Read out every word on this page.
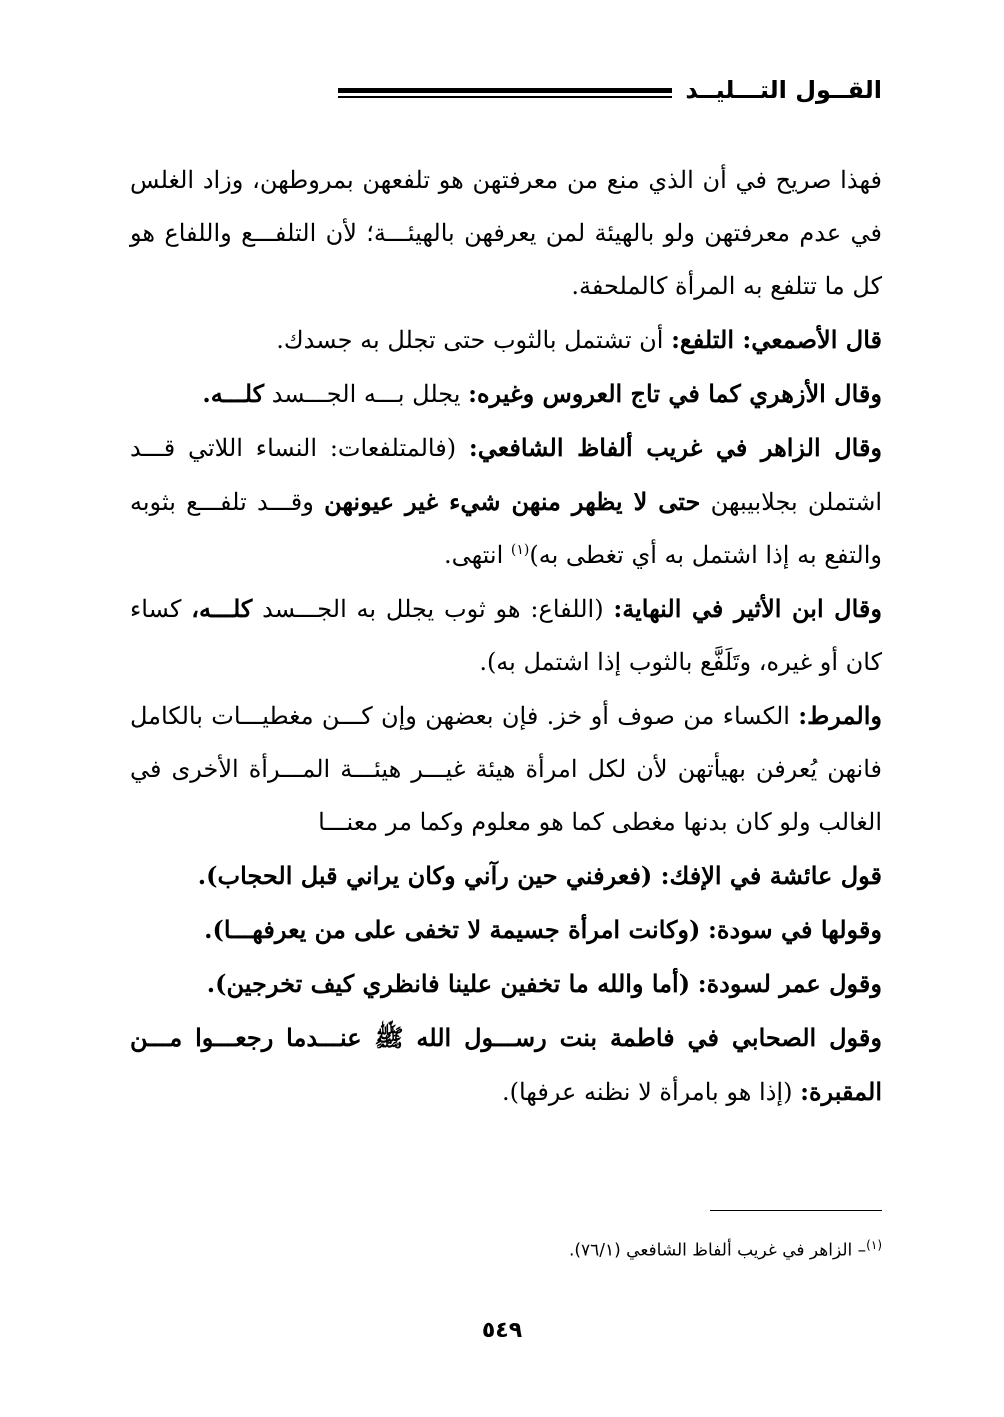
القــول التـــليــد

فهذا صريح في أن الذي منع من معرفتهن هو تلفعهن بمروطهن، وزاد الغلس في عدم معرفتهن ولو بالهيئة لمن يعرفهن بالهيئـــة؛ لأن التلفـــع واللفاع هو كل ما تتلفع به المرأة كالملحفة.

قال الأصمعي: التلفع: أن تشتمل بالثوب حتى تجلل به جسدك.

وقال الأزهري كما في تاج العروس وغيره: يجلل بـــه الجـــسد كلـــه.

وقال الزاهر في غريب ألفاظ الشافعي: (فالمتلفعات: النساء اللاتي قـــد اشتملن بجلابيبهن حتى لا يظهر منهن شيء غير عيونهن وقـــد تلفـــع بثوبه والتفع به إذا اشتمل به أي تغطى به)$^{(١)}$ انتهى.

وقال ابن الأثير في النهاية: (اللفاع: هو ثوب يجلل به الجـــسد كلـــه، كساء كان أو غيره، وتَلَفَّع بالثوب إذا اشتمل به).

والمرط: الكساء من صوف أو خز. فإن بعضهن وإن كـــن مغطيـــات بالكامل فانهن يُعرفن بهيأتهن لأن لكل امرأة هيئة غيـــر هيئـــة المـــرأة الأخرى في الغالب ولو كان بدنها مغطى كما هو معلوم وكما مر معنـــا

قول عائشة في الإفك: (فعرفني حين رآني وكان يراني قبل الحجاب).

وقولها في سودة: (وكانت امرأة جسيمة لا تخفى على من يعرفهـــا).

وقول عمر لسودة: (أما والله ما تخفين علينا فانظري كيف تخرجين).

وقول الصحابي في فاطمة بنت رســـول الله ﷺ عنـــدما رجعـــوا مـــن المقبرة: (إذا هو بامرأة لا نظنه عرفها).

$^{(١)}$– الزاهر في غريب ألفاظ الشافعي (٧٦/١).
٥٤٩
